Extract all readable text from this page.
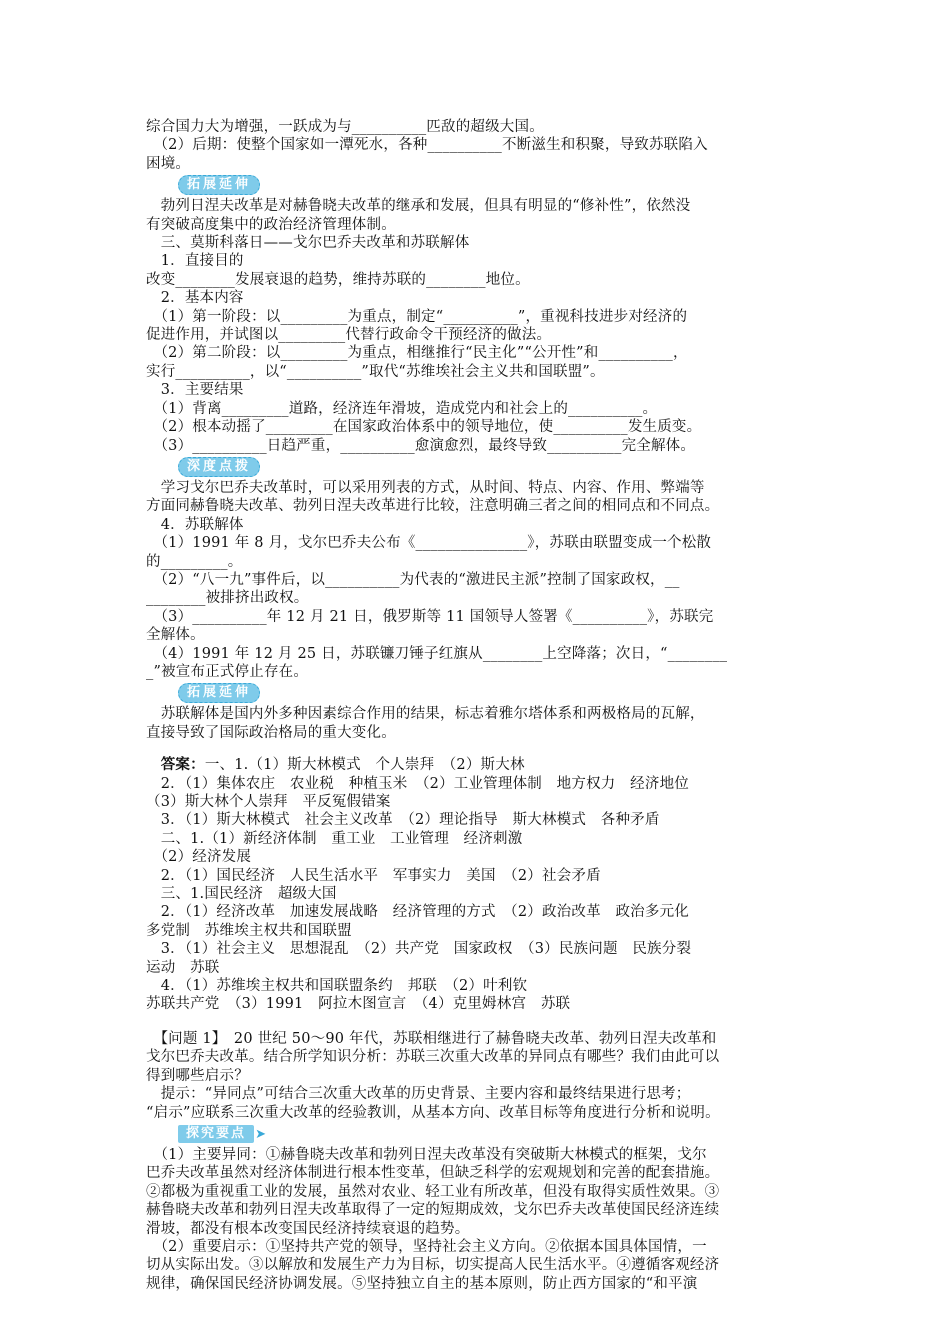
综合国力大为增强，一跃成为与__________匹敌的超级大国。
　（2）后期：使整个国家如一潭死水，各种__________不断滋生和积聚，导致苏联陷入
困境。
拓展延伸
　勃列日涅夫改革是对赫鲁晓夫改革的继承和发展，但具有明显的“修补性”，依然没
有突破高度集中的政治经济管理体制。
　三、莫斯科落日——戈尔巴乔夫改革和苏联解体
　1．直接目的
改变________发展衰退的趋势，维持苏联的________地位。
　2．基本内容
　（1）第一阶段：以_________为重点，制定“__________”，重视科技进步对经济的
促进作用，并试图以_________代替行政命令干预经济的做法。
　（2）第二阶段：以_________为重点，相继推行“民主化”“公开性”和__________，
实行__________，以“__________”取代“苏维埃社会主义共和国联盟”。
　3．主要结果
　（1）背离_________道路，经济连年滑坡，造成党内和社会上的__________。
　（2）根本动摇了_________在国家政治体系中的领导地位，使__________发生质变。
　（3）__________日趋严重，__________愈演愈烈，最终导致__________完全解体。
深度点拨
　学习戈尔巴乔夫改革时，可以采用列表的方式，从时间、特点、内容、作用、弊端等
方面同赫鲁晓夫改革、勃列日涅夫改革进行比较，注意明确三者之间的相同点和不同点。
　4．苏联解体
　（1）1991 年 8 月，戈尔巴乔夫公布《_______________》，苏联由联盟变成一个松散
的_________。
　（2）“八一九”事件后，以__________为代表的“激进民主派”控制了国家政权，__
________被排挤出政权。
　（3）__________年 12 月 21 日，俄罗斯等 11 国领导人签署《__________》，苏联完
全解体。
　（4）1991 年 12 月 25 日，苏联镰刀锤子红旗从________上空降落；次日，“________
_”被宣布正式停止存在。
拓展延伸
　苏联解体是国内外多种因素综合作用的结果，标志着雅尔塔体系和两极格局的瓦解，
直接导致了国际政治格局的重大变化。
　答案：一、1.（1）斯大林模式　个人崇拜　（2）斯大林
　2．（1）集体农庄　农业税　种植玉米　（2）工业管理体制　地方权力　经济地位
（3）斯大林个人崇拜　平反冤假错案
　3．（1）斯大林模式　社会主义改革　（2）理论指导　斯大林模式　各种矛盾
　二、1.（1）新经济体制　重工业　工业管理　经济刺激
　（2）经济发展
　2．（1）国民经济　人民生活水平　军事实力　美国　（2）社会矛盾
　三、1.国民经济　超级大国
　2．（1）经济改革　加速发展战略　经济管理的方式　（2）政治改革　政治多元化
多党制　苏维埃主权共和国联盟
　3．（1）社会主义　思想混乱　（2）共产党　国家政权　（3）民族问题　民族分裂
运动　苏联
　4．（1）苏维埃主权共和国联盟条约　邦联　（2）叶利钦
苏联共产党　（3）1991　阿拉木图宣言　（4）克里姆林宫　苏联
　【问题 1】　20 世纪 50～90 年代，苏联相继进行了赫鲁晓夫改革、勃列日涅夫改革和
戈尔巴乔夫改革。结合所学知识分析：苏联三次重大改革的异同点有哪些？我们由此可以
得到哪些启示？
　提示：“异同点”可结合三次重大改革的历史背景、主要内容和最终结果进行思考；
“启示”应联系三次重大改革的经验教训，从基本方向、改革目标等角度进行分析和说明。
探究要点 ➤
　（1）主要异同：①赫鲁晓夫改革和勃列日涅夫改革没有突破斯大林模式的框架，戈尔
巴乔夫改革虽然对经济体制进行根本性变革，但缺乏科学的宏观规划和完善的配套措施。
②都极为重视重工业的发展，虽然对农业、轻工业有所改革，但没有取得实质性效果。③
赫鲁晓夫改革和勃列日涅夫改革取得了一定的短期成效，戈尔巴乔夫改革使国民经济连续
滑坡，都没有根本改变国民经济持续衰退的趋势。
　（2）重要启示：①坚持共产党的领导，坚持社会主义方向。②依据本国具体国情，一
切从实际出发。③以解放和发展生产力为目标，切实提高人民生活水平。④遵循客观经济
规律，确保国民经济协调发展。⑤坚持独立自主的基本原则，防止西方国家的“和平演
